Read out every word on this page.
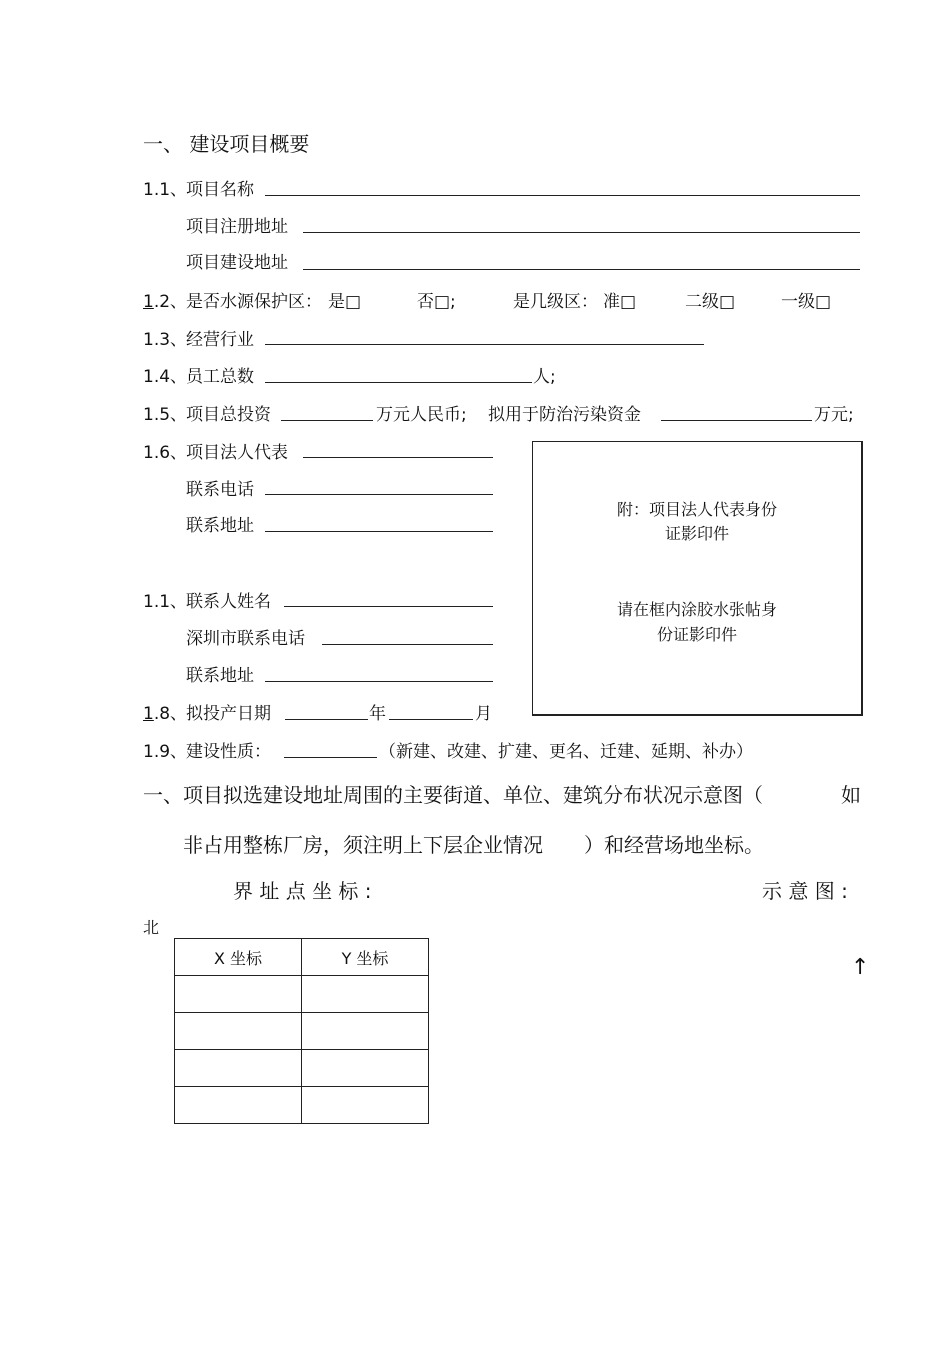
一、 建设项目概要
1.1、
项目名称
项目注册地址
项目建设地址
1.2、
是否水源保护区： 是□	否□;	是几级区： 准□	二级□	一级□
1.3、
经营行业
1.4、
员工总数	人;
1.5、
项目总投资	万元人民币; 拟用于防治污染资金	万元;
1.6、
项目法人代表
联系电话
联系地址
1.1、
联系人姓名
深圳市联系电话
联系地址
1.8、
拟投产日期	年	月
附：项目法人代表身份
证影印件
请在框内涂胶水张帖身
份证影印件
1.9、
建设性质：	（新建、改建、扩建、更名、迁建、延期、补办）
一、项目拟选建设地址周围的主要街道、单位、建筑分布状况示意图（	如
非占用整栋厂房，须注明上下层企业情况 ）和经营场地坐标。
界 址 点 坐 标 :	示 意 图 :
北
↑
X 坐标	Y 坐标
